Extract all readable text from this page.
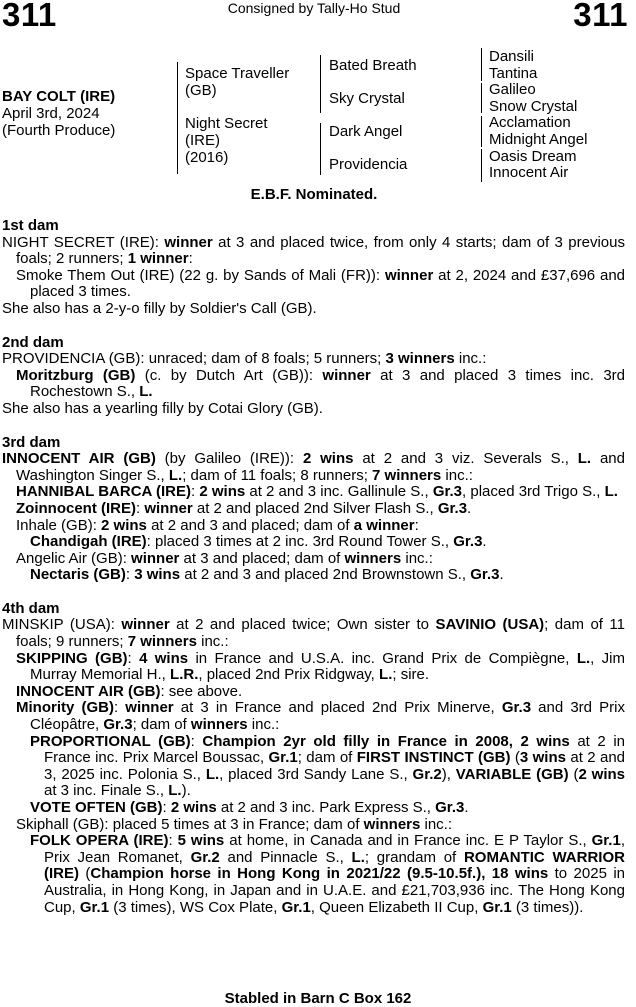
311	Consigned by Tally-Ho Stud	311
BAY COLT (IRE)
April 3rd, 2024
(Fourth Produce)
Space Traveller
(GB)
Night Secret
(IRE)
(2016)
Bated Breath
Sky Crystal
Dark Angel
Providencia
Dansili
Tantina
Galileo
Snow Crystal
Acclamation
Midnight Angel
Oasis Dream
Innocent Air
E.B.F. Nominated.
1st dam
NIGHT SECRET (IRE): winner at 3 and placed twice, from only 4 starts; dam of 3 previous foals; 2 runners; 1 winner:
Smoke Them Out (IRE) (22 g. by Sands of Mali (FR)): winner at 2, 2024 and £37,696 and placed 3 times.
She also has a 2-y-o filly by Soldier's Call (GB).
2nd dam
PROVIDENCIA (GB): unraced; dam of 8 foals; 5 runners; 3 winners inc.:
Moritzburg (GB) (c. by Dutch Art (GB)): winner at 3 and placed 3 times inc. 3rd Rochestown S., L.
She also has a yearling filly by Cotai Glory (GB).
3rd dam
INNOCENT AIR (GB) (by Galileo (IRE)): 2 wins at 2 and 3 viz. Severals S., L. and Washington Singer S., L.; dam of 11 foals; 8 runners; 7 winners inc.:
HANNIBAL BARCA (IRE): 2 wins at 2 and 3 inc. Gallinule S., Gr.3, placed 3rd Trigo S., L.
Zoinnocent (IRE): winner at 2 and placed 2nd Silver Flash S., Gr.3.
Inhale (GB): 2 wins at 2 and 3 and placed; dam of a winner:
Chandigah (IRE): placed 3 times at 2 inc. 3rd Round Tower S., Gr.3.
Angelic Air (GB): winner at 3 and placed; dam of winners inc.:
Nectaris (GB): 3 wins at 2 and 3 and placed 2nd Brownstown S., Gr.3.
4th dam
MINSKIP (USA): winner at 2 and placed twice; Own sister to SAVINIO (USA); dam of 11 foals; 9 runners; 7 winners inc.:
SKIPPING (GB): 4 wins in France and U.S.A. inc. Grand Prix de Compiègne, L., Jim Murray Memorial H., L.R., placed 2nd Prix Ridgway, L.; sire.
INNOCENT AIR (GB): see above.
Minority (GB): winner at 3 in France and placed 2nd Prix Minerve, Gr.3 and 3rd Prix Cléopâtre, Gr.3; dam of winners inc.:
PROPORTIONAL (GB): Champion 2yr old filly in France in 2008, 2 wins at 2 in France inc. Prix Marcel Boussac, Gr.1; dam of FIRST INSTINCT (GB) (3 wins at 2 and 3, 2025 inc. Polonia S., L., placed 3rd Sandy Lane S., Gr.2), VARIABLE (GB) (2 wins at 3 inc. Finale S., L.).
VOTE OFTEN (GB): 2 wins at 2 and 3 inc. Park Express S., Gr.3.
Skiphall (GB): placed 5 times at 3 in France; dam of winners inc.:
FOLK OPERA (IRE): 5 wins at home, in Canada and in France inc. E P Taylor S., Gr.1, Prix Jean Romanet, Gr.2 and Pinnacle S., L.; grandam of ROMANTIC WARRIOR (IRE) (Champion horse in Hong Kong in 2021/22 (9.5-10.5f.), 18 wins to 2025 in Australia, in Hong Kong, in Japan and in U.A.E. and £21,703,936 inc. The Hong Kong Cup, Gr.1 (3 times), WS Cox Plate, Gr.1, Queen Elizabeth II Cup, Gr.1 (3 times)).
Stabled in Barn C Box 162
